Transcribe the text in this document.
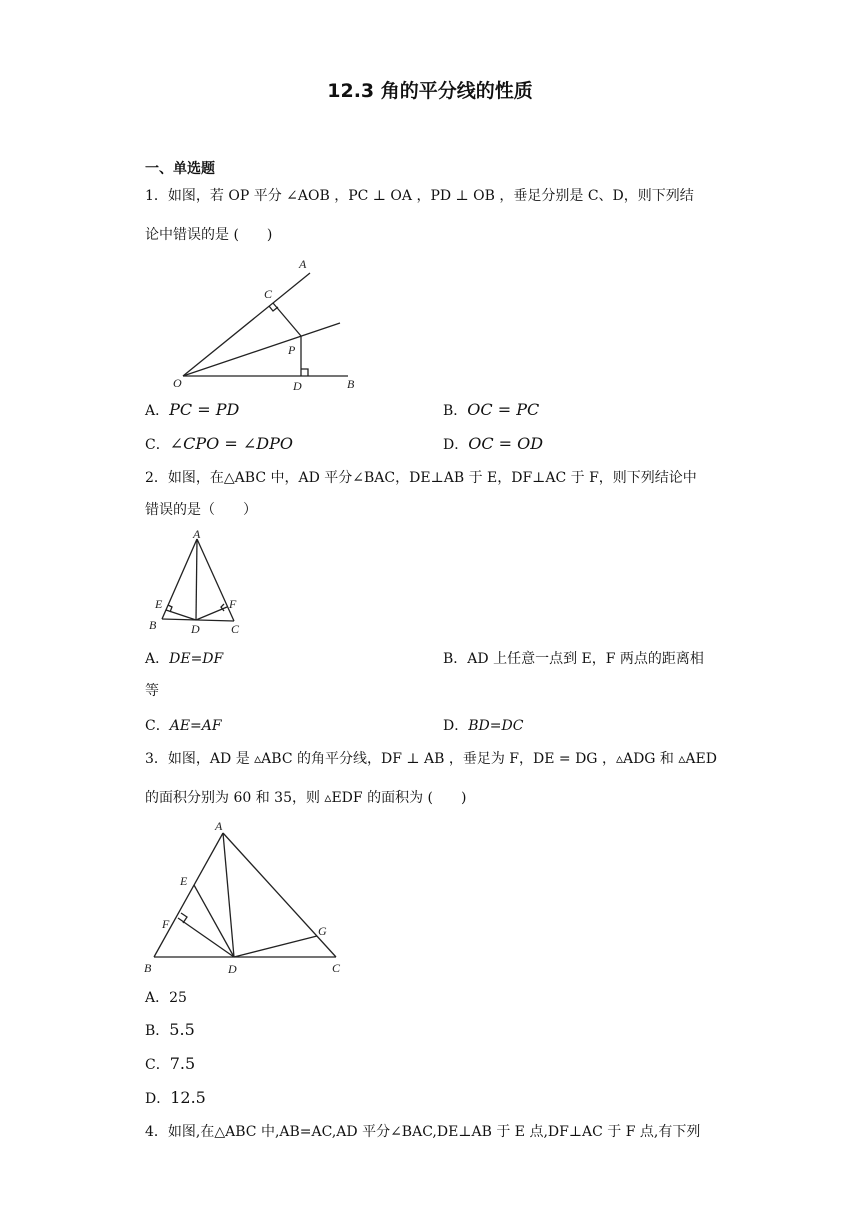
12.3 角的平分线的性质
一、单选题
1．如图，若 OP 平分 ∠AOB ，PC ⊥ OA ，PD ⊥ OB ，垂足分别是 C、D，则下列结
论中错误的是 (　　)
A
C
P
O	D	B
A．PC = PD	B．OC = PC
C．∠CPO = ∠DPO	D．OC = OD
2．如图，在△ABC 中，AD 平分∠BAC，DE⊥AB 于 E，DF⊥AC 于 F，则下列结论中
错误的是（　　）
A
E	F
B	D	C
A．DE=DF	B．AD 上任意一点到 E，F 两点的距离相
等
C．AE=AF	D．BD=DC
3．如图，AD 是 ▵ABC 的角平分线，DF ⊥ AB ，垂足为 F，DE = DG ，▵ADG 和 ▵AED
的面积分别为 60 和 35，则 ▵EDF 的面积为 (　　)
A
E
F
B	D
G
C
A．25
B．5.5
C．7.5
D．12.5
4．如图,在△ABC 中,AB=AC,AD 平分∠BAC,DE⊥AB 于 E 点,DF⊥AC 于 F 点,有下列
